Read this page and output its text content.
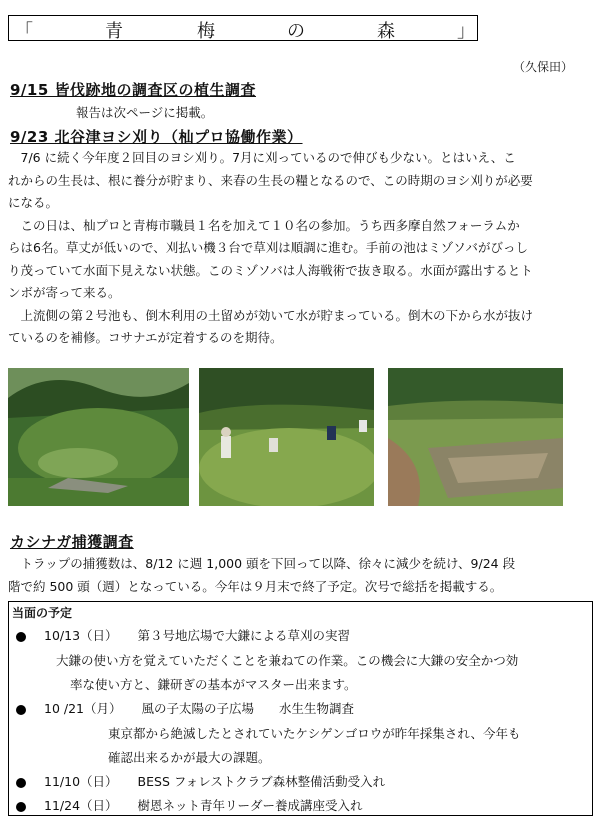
「	青	梅	の	森	」
（久保田）
9/15 皆伐跡地の調査区の植生調査
報告は次ページに掲載。
9/23 北谷津ヨシ刈り（杣プロ協働作業）
7/6 に続く今年度２回目のヨシ刈り。7月に刈っているので伸びも少ない。とはいえ、こ
れからの生長は、根に養分が貯まり、来春の生長の糧となるので、この時期のヨシ刈りが必要
になる。
この日は、杣プロと青梅市職員１名を加えて１０名の参加。うち西多摩自然フォーラムか
らは6名。草丈が低いので、刈払い機３台で草刈は順調に進む。手前の池はミゾソバがびっし
り茂っていて水面下見えない状態。このミゾソバは人海戦術で抜き取る。水面が露出するとト
ンボが寄って来る。
上流側の第２号池も、倒木利用の土留めが効いて水が貯まっている。倒木の下から水が抜け
ているのを補修。コサナエが定着するのを期待。
カシナガ捕獲調査
トラップの捕獲数は、8/12 に週 1,000 頭を下回って以降、徐々に減少を続け、9/24 段
階で約 500 頭（週）となっている。今年は９月末で終了予定。次号で総括を掲載する。
当面の予定
10/13（日） 第３号地広場で大鎌による草刈の実習
大鎌の使い方を覚えていただくことを兼ねての作業。この機会に大鎌の安全かつ効
率な使い方と、鎌研ぎの基本がマスター出来ます。
10 /21（月） 風の子太陽の子広場　　水生生物調査
東京都から絶滅したとされていたケシゲンゴロウが昨年採集され、今年も
確認出来るかが最大の課題。
11/10（日） BESS フォレストクラブ森林整備活動受入れ
11/24（日） 樹恩ネット青年リーダー養成講座受入れ
